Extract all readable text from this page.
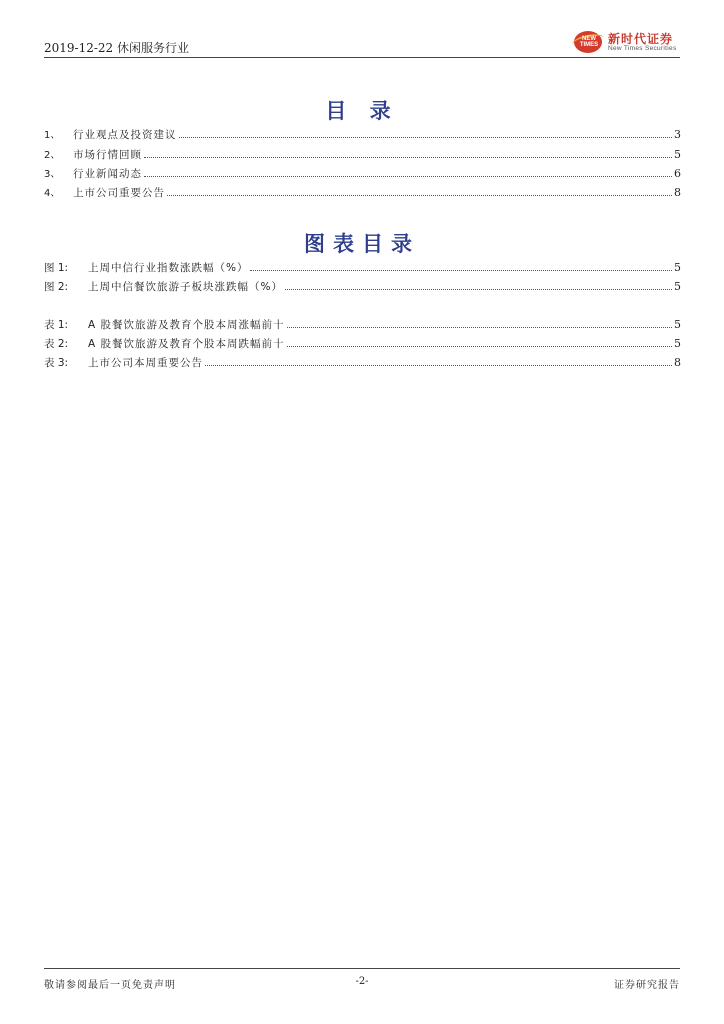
2019-12-22 休闲服务行业
NEW TIMES 新时代证券
New Times Securities
目 录
1、	行业观点及投资建议	3
2、	市场行情回顾	5
3、	行业新闻动态	6
4、	上市公司重要公告	8
图表目录
图 1:	上周中信行业指数涨跌幅（%）	5
图 2:	上周中信餐饮旅游子板块涨跌幅（%）	5
表 1:	A 股餐饮旅游及教育个股本周涨幅前十	5
表 2:	A 股餐饮旅游及教育个股本周跌幅前十	5
表 3:	上市公司本周重要公告	8
敬请参阅最后一页免责声明	-2-	证券研究报告
